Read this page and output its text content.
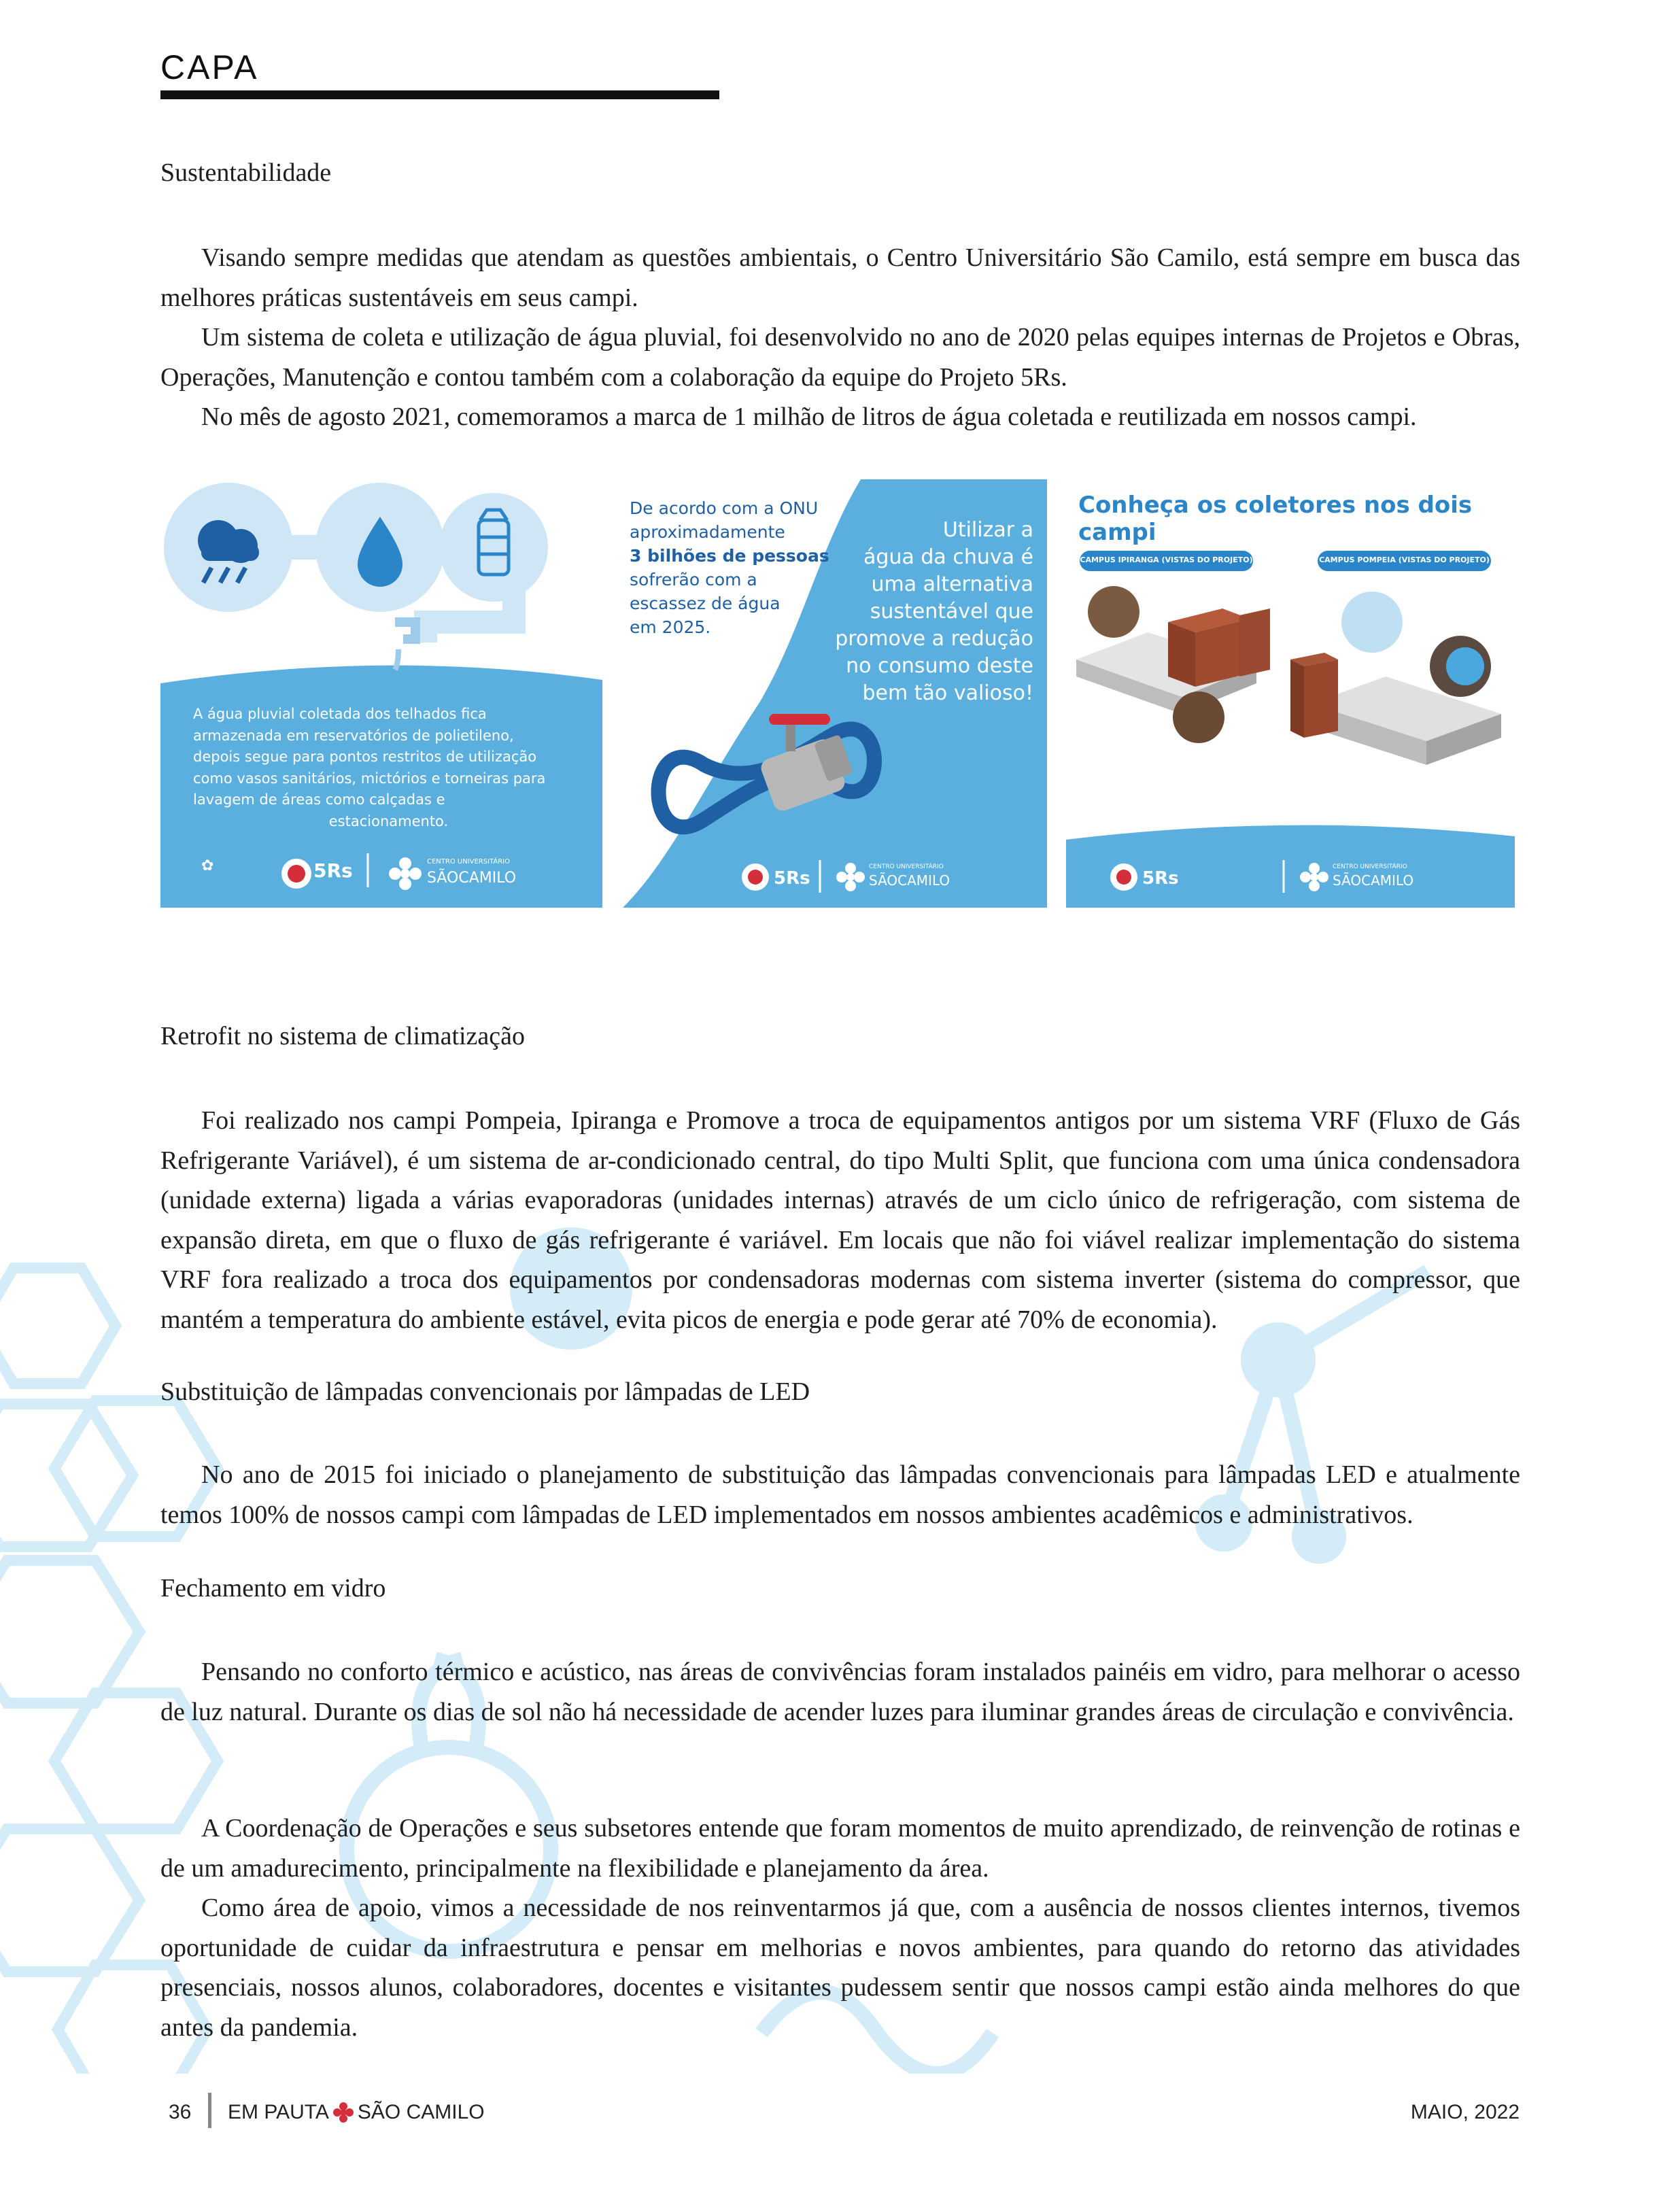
CAPA
Sustentabilidade

Visando sempre medidas que atendam as questões ambientais, o Centro Universitário São Camilo, está sempre em busca das melhores práticas sustentáveis em seus campi.

Um sistema de coleta e utilização de água pluvial, foi desenvolvido no ano de 2020 pelas equipes internas de Projetos e Obras, Operações, Manutenção e contou também com a colaboração da equipe do Projeto 5Rs.

No mês de agosto 2021, comemoramos a marca de 1 milhão de litros de água coletada e reutilizada em nossos campi.

✿	5Rs	CENTRO UNIVERSITÁRIO
SÃOCAMILO
A água pluvial coletada dos telhados fica
armazenada em reservatórios de polietileno,
depois segue para pontos restritos de utilização
como vasos sanitários, mictórios e torneiras para
lavagem de áreas como calçadas e
estacionamento.
5Rs
CENTRO UNIVERSITÁRIO
SÃOCAMILO
De acordo com a ONU
aproximadamente
3 bilhões de pessoas
sofrerão com a
escassez de água
em 2025.
Utilizar a
água da chuva é
uma alternativa
sustentável que
promove a redução
no consumo deste
bem tão valioso!
5Rs
CENTRO UNIVERSITÁRIO
SÃOCAMILO
Conheça os coletores nos dois campi
CAMPUS IPIRANGA (VISTAS DO PROJETO)	CAMPUS POMPEIA (VISTAS DO PROJETO)
Retrofit no sistema de climatização

Foi realizado nos campi Pompeia, Ipiranga e Promove a troca de equipamentos antigos por um sistema VRF (Fluxo de Gás Refrigerante Variável), é um sistema de ar-condicionado central, do tipo Multi Split, que funciona com uma única condensadora (unidade externa) ligada a várias evaporadoras (unidades internas) através de um ciclo único de refrigeração, com sistema de expansão direta, em que o fluxo de gás refrigerante é variável. Em locais que não foi viável realizar implementação do sistema VRF fora realizado a troca dos equipamentos por condensadoras modernas com sistema inverter (sistema do compressor, que mantém a temperatura do ambiente estável, evita picos de energia e pode gerar até 70% de economia).

Substituição de lâmpadas convencionais por lâmpadas de LED

No ano de 2015 foi iniciado o planejamento de substituição das lâmpadas convencionais para lâmpadas LED e atualmente temos 100% de nossos campi com lâmpadas de LED implementados em nossos ambientes acadêmicos e administrativos.

Fechamento em vidro

Pensando no conforto térmico e acústico, nas áreas de convivências foram instalados painéis em vidro, para melhorar o acesso de luz natural. Durante os dias de sol não há necessidade de acender luzes para iluminar grandes áreas de circulação e convivência.

A Coordenação de Operações e seus subsetores entende que foram momentos de muito aprendizado, de reinvenção de rotinas e de um amadurecimento, principalmente na flexibilidade e planejamento da área.

Como área de apoio, vimos a necessidade de nos reinventarmos já que, com a ausência de nossos clientes internos, tivemos oportunidade de cuidar da infraestrutura e pensar em melhorias e novos ambientes, para quando do retorno das atividades presenciais, nossos alunos, colaboradores, docentes e visitantes pudessem sentir que nossos campi estão ainda melhores do que antes da pandemia.

36 EM PAUTA SÃO CAMILO	MAIO, 2022
